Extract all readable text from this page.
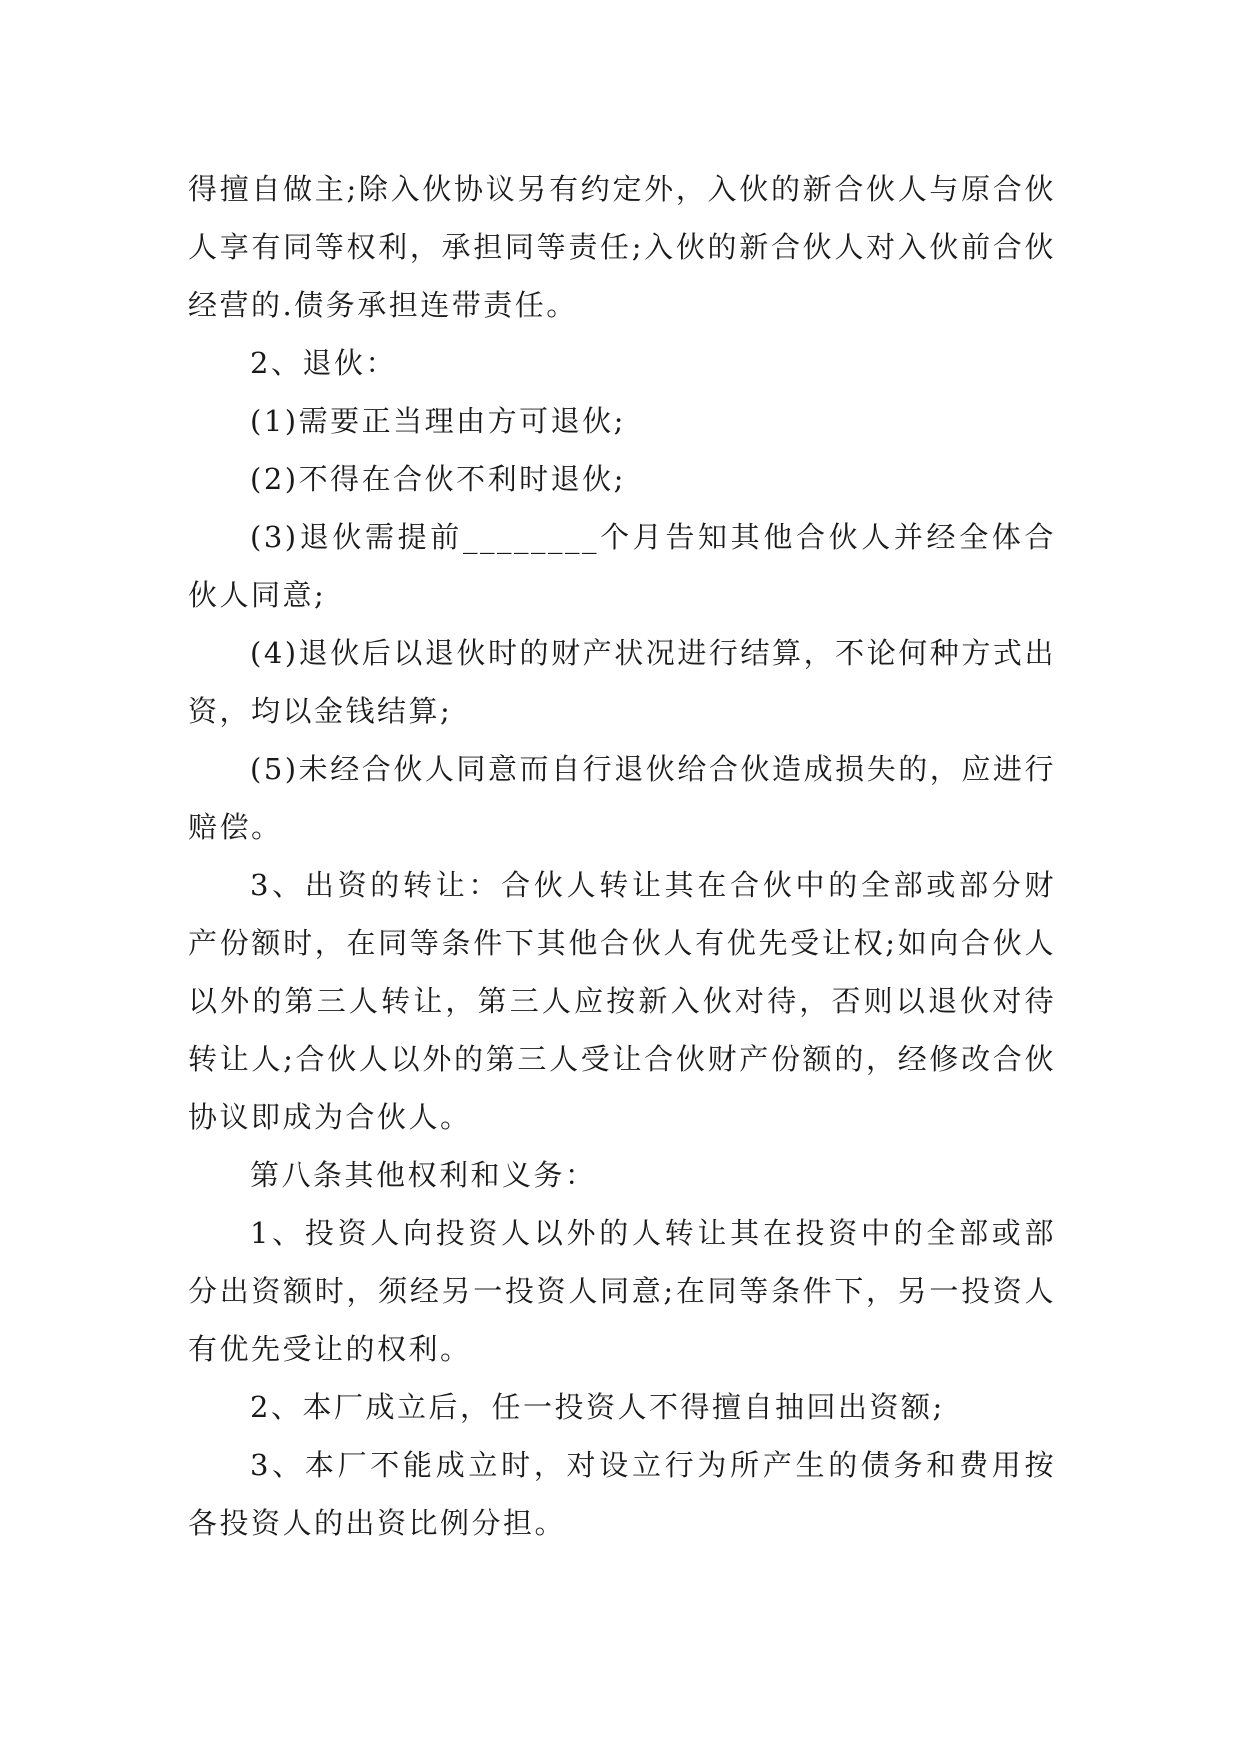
得擅自做主;除入伙协议另有约定外，入伙的新合伙人与原合伙人享有同等权利，承担同等责任;入伙的新合伙人对入伙前合伙经营的.债务承担连带责任。

2、退伙：

(1)需要正当理由方可退伙;

(2)不得在合伙不利时退伙;

(3)退伙需提前________个月告知其他合伙人并经全体合伙人同意;

(4)退伙后以退伙时的财产状况进行结算，不论何种方式出资，均以金钱结算;

(5)未经合伙人同意而自行退伙给合伙造成损失的，应进行赔偿。

3、出资的转让：合伙人转让其在合伙中的全部或部分财产份额时，在同等条件下其他合伙人有优先受让权;如向合伙人以外的第三人转让，第三人应按新入伙对待，否则以退伙对待转让人;合伙人以外的第三人受让合伙财产份额的，经修改合伙协议即成为合伙人。

第八条其他权利和义务：

1、投资人向投资人以外的人转让其在投资中的全部或部分出资额时，须经另一投资人同意;在同等条件下，另一投资人有优先受让的权利。

2、本厂成立后，任一投资人不得擅自抽回出资额;

3、本厂不能成立时，对设立行为所产生的债务和费用按各投资人的出资比例分担。
